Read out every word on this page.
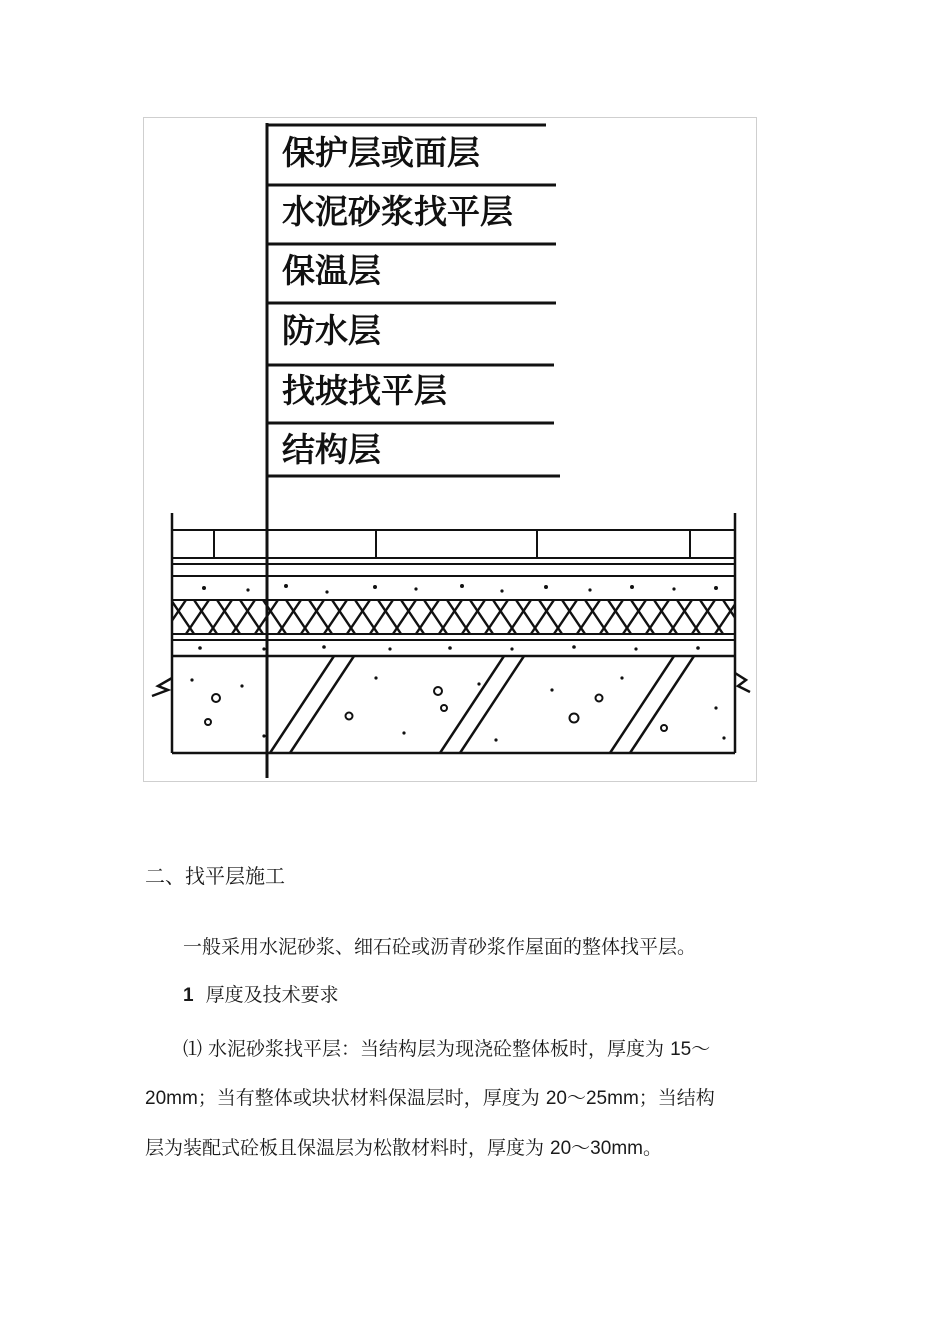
保护层或面层
水泥砂浆找平层
保温层
防水层
找坡找平层
结构层
二、找平层施工
一般采用水泥砂浆、细石砼或沥青砂浆作屋面的整体找平层。
1 厚度及技术要求
⑴ 水泥砂浆找平层：当结构层为现浇砼整体板时，厚度为 15～
20mm；当有整体或块状材料保温层时，厚度为 20～25mm；当结构
层为装配式砼板且保温层为松散材料时，厚度为 20～30mm。
